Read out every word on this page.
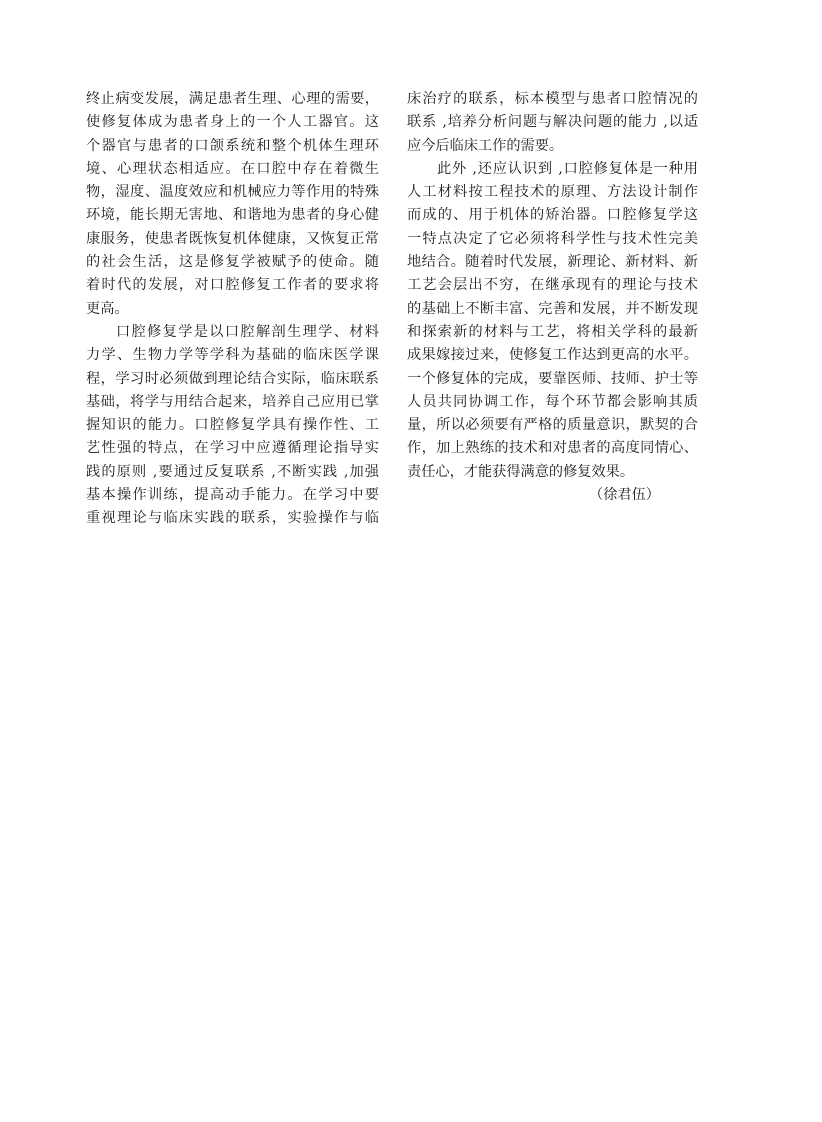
终止病变发展，满足患者生理、心理的需要，
使修复体成为患者身上的一个人工器官。这
个器官与患者的口颌系统和整个机体生理环
境、心理状态相适应。在口腔中存在着微生
物，湿度、温度效应和机械应力等作用的特殊
环境，能长期无害地、和谐地为患者的身心健
康服务，使患者既恢复机体健康，又恢复正常
的社会生活，这是修复学被赋予的使命。随
着时代的发展，对口腔修复工作者的要求将
更高。
口腔修复学是以口腔解剖生理学、材料
力学、生物力学等学科为基础的临床医学课
程，学习时必须做到理论结合实际，临床联系
基础，将学与用结合起来，培养自己应用已掌
握知识的能力。口腔修复学具有操作性、工
艺性强的特点，在学习中应遵循理论指导实
践的原则 ,要通过反复联系 ,不断实践 ,加强
基本操作训练，提高动手能力。在学习中要
重视理论与临床实践的联系，实验操作与临
床治疗的联系，标本模型与患者口腔情况的
联系 ,培养分析问题与解决问题的能力 ,以适
应今后临床工作的需要。
此外 ,还应认识到 ,口腔修复体是一种用
人工材料按工程技术的原理、方法设计制作
而成的、用于机体的矫治器。口腔修复学这
一特点决定了它必须将科学性与技术性完美
地结合。随着时代发展，新理论、新材料、新
工艺会层出不穷，在继承现有的理论与技术
的基础上不断丰富、完善和发展，并不断发现
和探索新的材料与工艺，将相关学科的最新
成果嫁接过来，使修复工作达到更高的水平。
一个修复体的完成，要靠医师、技师、护士等
人员共同协调工作，每个环节都会影响其质
量，所以必须要有严格的质量意识，默契的合
作，加上熟练的技术和对患者的高度同情心、
责任心，才能获得满意的修复效果。
（徐君伍）
